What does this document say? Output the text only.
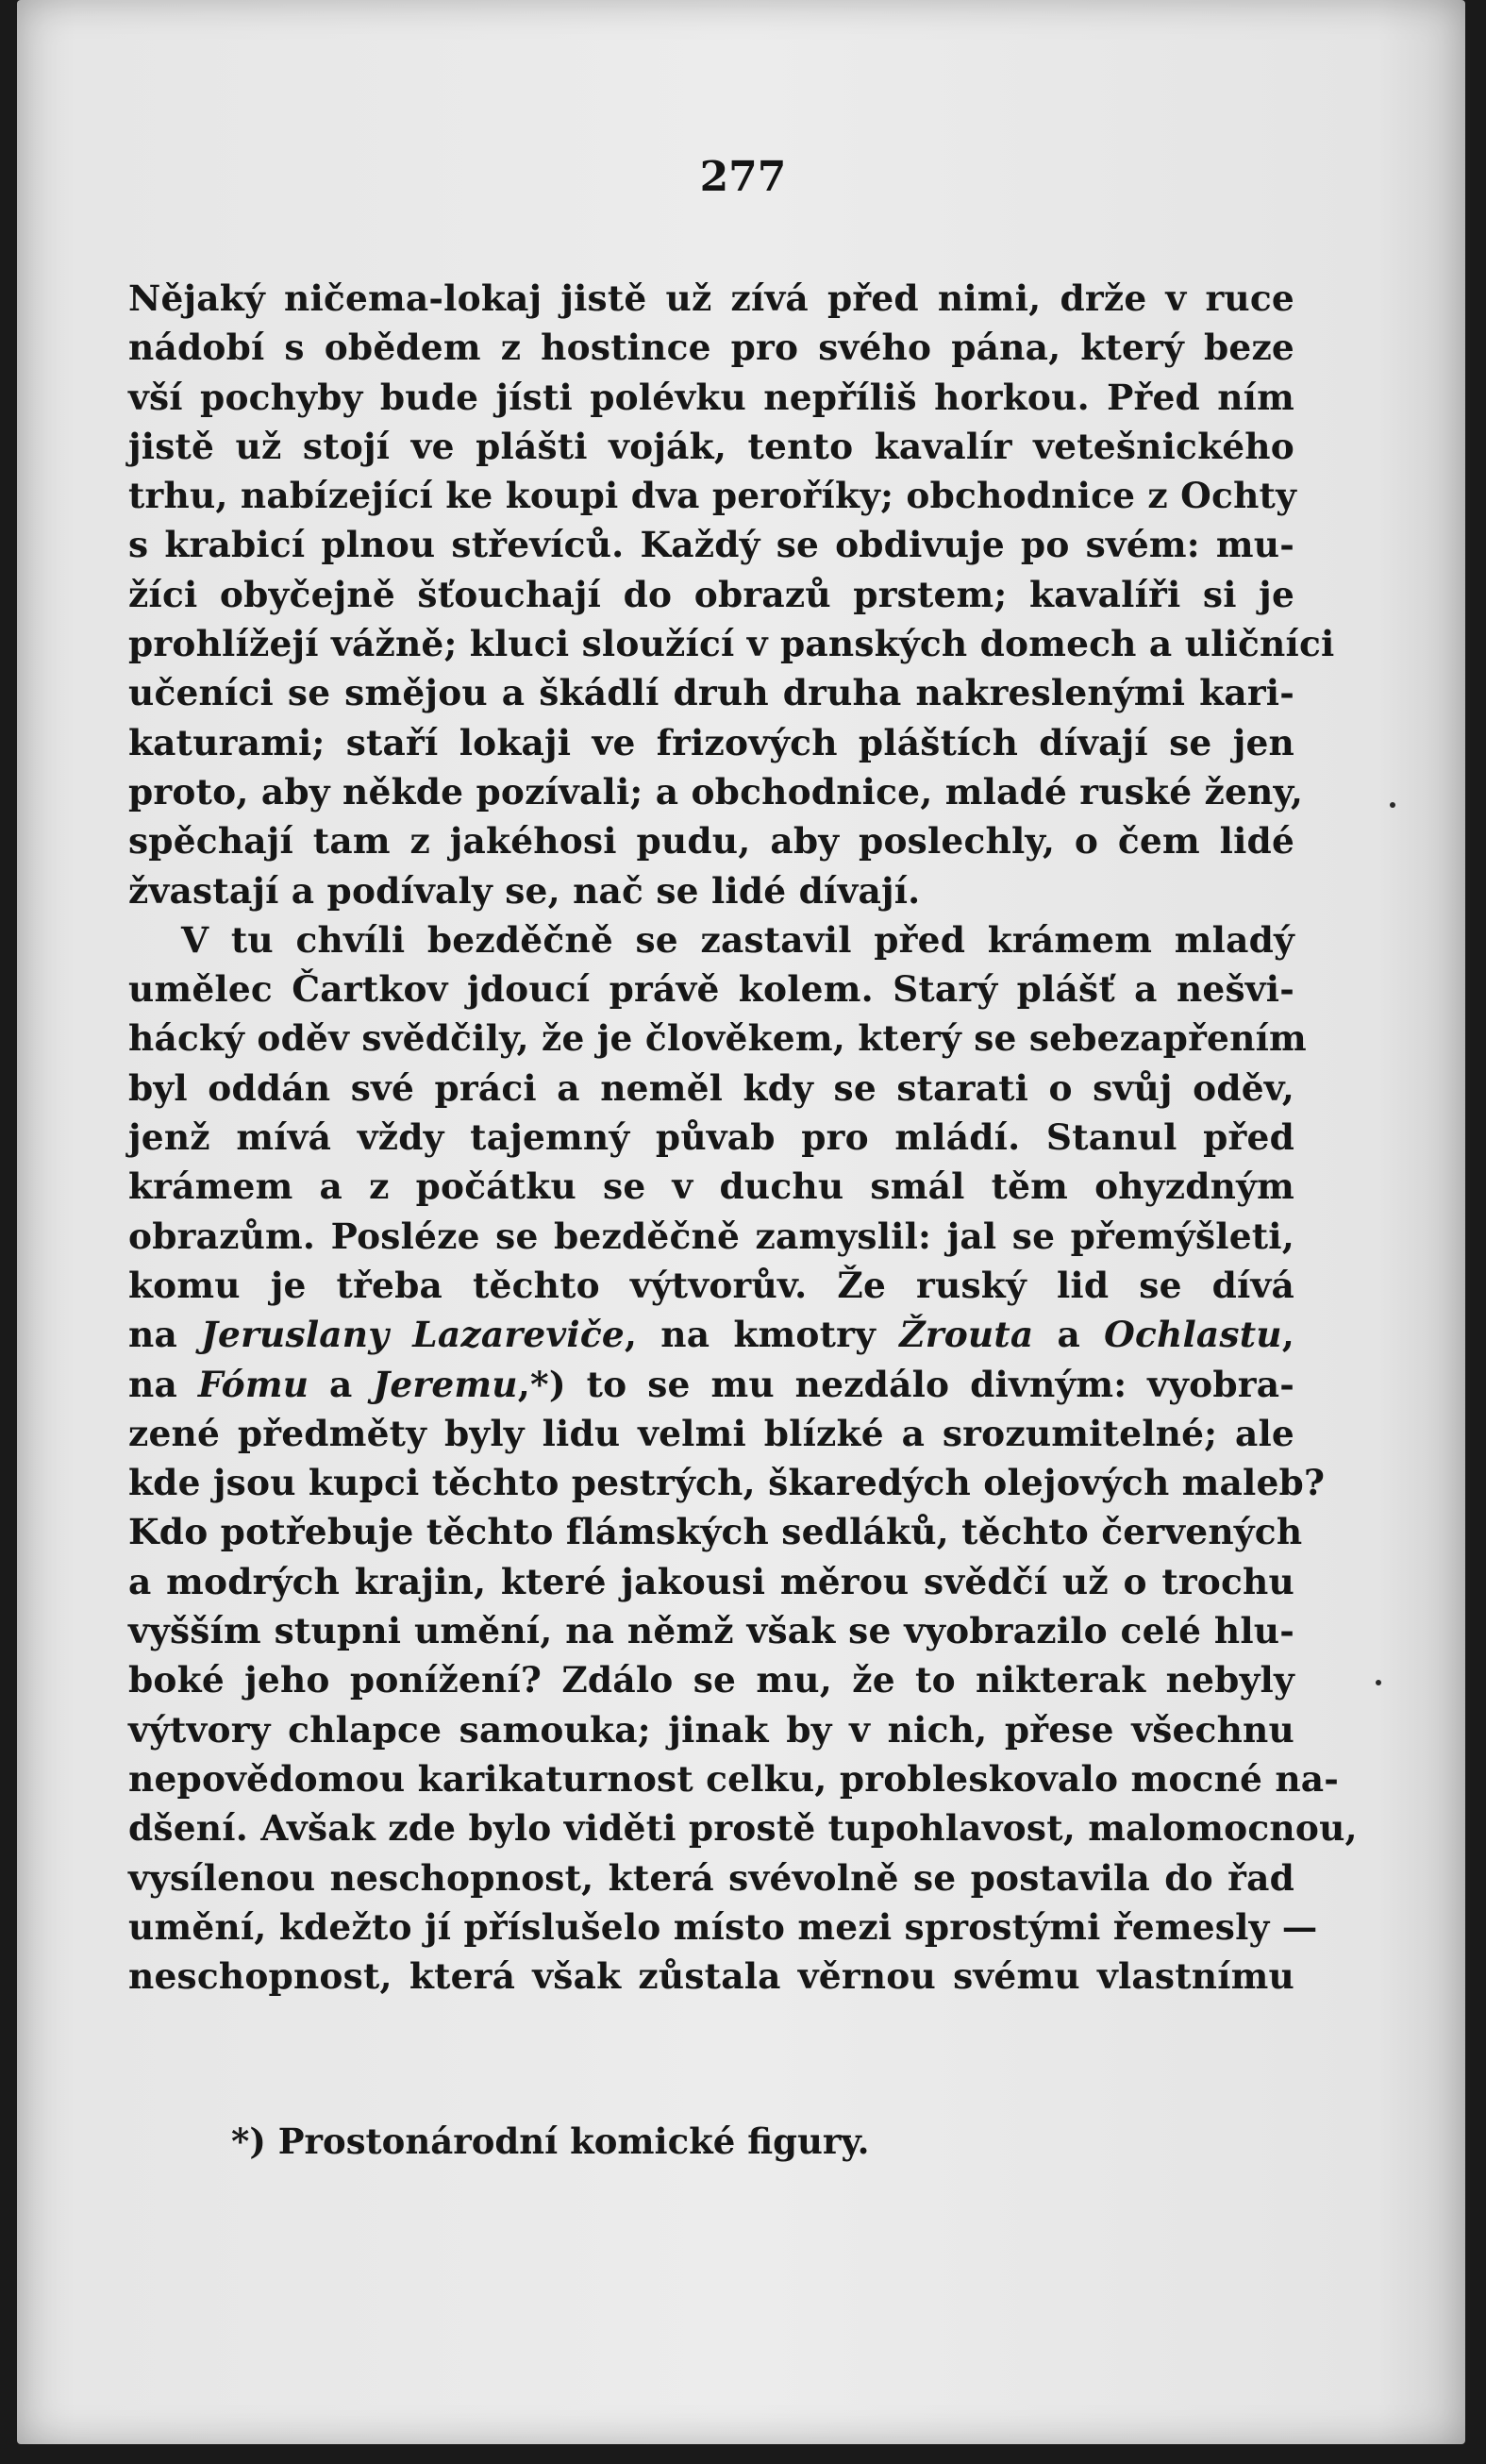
277
Nějaký ničema-lokaj jistě už zívá před nimi, drže v ruce
nádobí s obědem z hostince pro svého pána, který beze
vší pochyby bude jísti polévku nepříliš horkou. Před ním
jistě už stojí ve plášti voják, tento kavalír vetešnického
trhu, nabízející ke koupi dva peroříky; obchodnice z Ochty
s krabicí plnou střevíců. Každý se obdivuje po svém: mu-
žíci obyčejně šťouchají do obrazů prstem; kavalíři si je
prohlížejí vážně; kluci sloužící v panských domech a uličníci
učeníci se smějou a škádlí druh druha nakreslenými kari-
katurami; staří lokaji ve frizových pláštích dívají se jen
proto, aby někde pozívali; a obchodnice, mladé ruské ženy,
spěchají tam z jakéhosi pudu, aby poslechly, o čem lidé
žvastají a podívaly se, nač se lidé dívají.
V tu chvíli bezděčně se zastavil před krámem mladý
umělec Čartkov jdoucí právě kolem. Starý plášť a nešvi-
hácký oděv svědčily, že je člověkem, který se sebezapřením
byl oddán své práci a neměl kdy se starati o svůj oděv,
jenž mívá vždy tajemný půvab pro mládí. Stanul před
krámem a z počátku se v duchu smál těm ohyzdným
obrazům. Posléze se bezděčně zamyslil: jal se přemýšleti,
komu je třeba těchto výtvorův. Že ruský lid se dívá
na Jeruslany Lazareviče, na kmotry Žrouta a Ochlastu,
na Fómu a Jeremu,*) to se mu nezdálo divným: vyobra-
zené předměty byly lidu velmi blízké a srozumitelné; ale
kde jsou kupci těchto pestrých, škaredých olejových maleb?
Kdo potřebuje těchto flámských sedláků, těchto červených
a modrých krajin, které jakousi měrou svědčí už o trochu
vyšším stupni umění, na němž však se vyobrazilo celé hlu-
boké jeho ponížení? Zdálo se mu, že to nikterak nebyly
výtvory chlapce samouka; jinak by v nich, přese všechnu
nepovědomou karikaturnost celku, probleskovalo mocné na-
dšení. Avšak zde bylo viděti prostě tupohlavost, malomocnou,
vysílenou neschopnost, která svévolně se postavila do řad
umění, kdežto jí příslušelo místo mezi sprostými řemesly —
neschopnost, která však zůstala věrnou svému vlastnímu
*) Prostonárodní komické figury.
